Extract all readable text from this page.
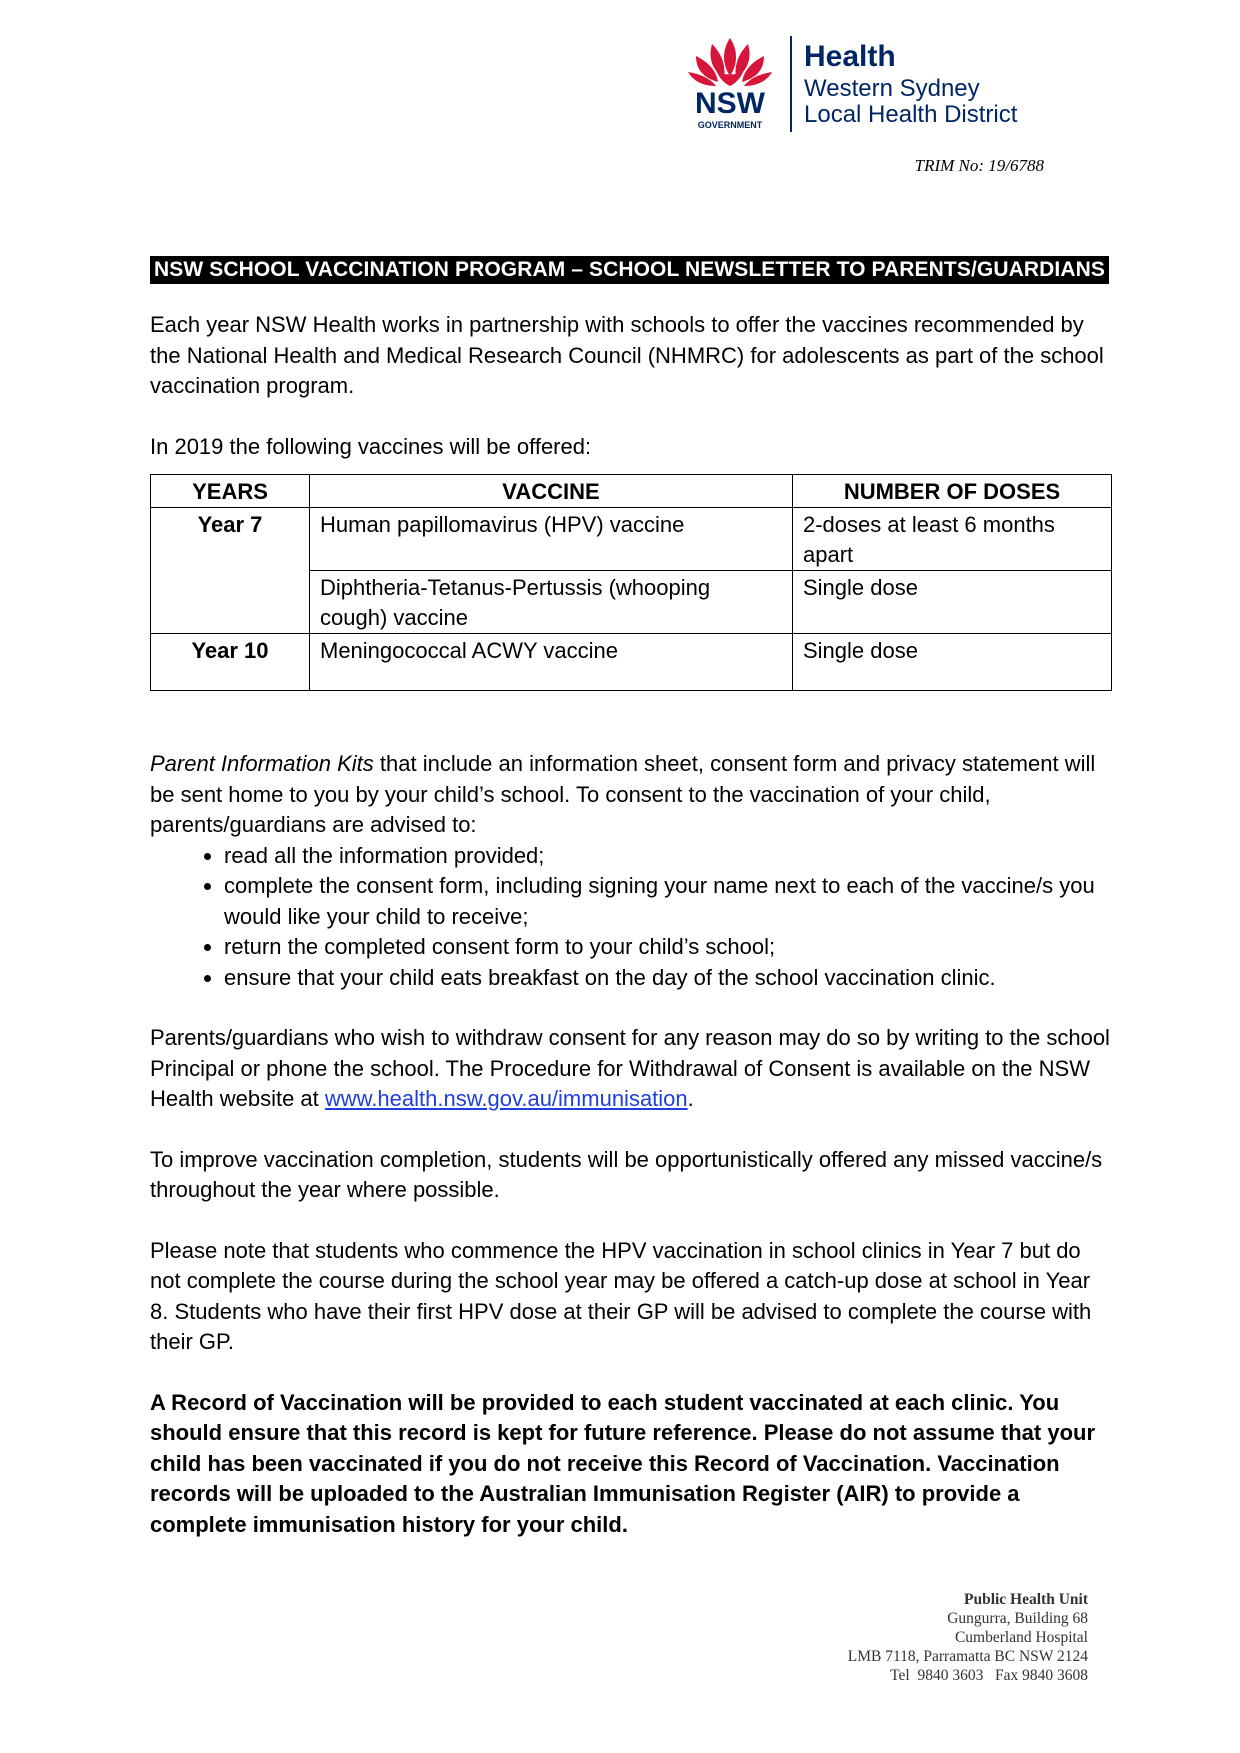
NSW
GOVERNMENT
Health
Western Sydney
Local Health District
TRIM No: 19/6788
NSW SCHOOL VACCINATION PROGRAM – SCHOOL NEWSLETTER TO PARENTS/GUARDIANS

Each year NSW Health works in partnership with schools to offer the vaccines recommended by the National Health and Medical Research Council (NHMRC) for adolescents as part of the school vaccination program.

In 2019 the following vaccines will be offered:

YEARS	VACCINE	NUMBER OF DOSES
Year 7	Human papillomavirus (HPV) vaccine	2-doses at least 6 months apart
	Diphtheria-Tetanus-Pertussis (whooping cough) vaccine	Single dose
Year 10	Meningococcal ACWY vaccine	Single dose

Parent Information Kits that include an information sheet, consent form and privacy statement will be sent home to you by your child’s school. To consent to the vaccination of your child, parents/guardians are advised to:

• read all the information provided;
• complete the consent form, including signing your name next to each of the vaccine/s you would like your child to receive;
• return the completed consent form to your child’s school;
• ensure that your child eats breakfast on the day of the school vaccination clinic.

Parents/guardians who wish to withdraw consent for any reason may do so by writing to the school Principal or phone the school. The Procedure for Withdrawal of Consent is available on the NSW Health website at www.health.nsw.gov.au/immunisation.

To improve vaccination completion, students will be opportunistically offered any missed vaccine/s throughout the year where possible.

Please note that students who commence the HPV vaccination in school clinics in Year 7 but do not complete the course during the school year may be offered a catch-up dose at school in Year 8. Students who have their first HPV dose at their GP will be advised to complete the course with their GP.

A Record of Vaccination will be provided to each student vaccinated at each clinic. You should ensure that this record is kept for future reference. Please do not assume that your child has been vaccinated if you do not receive this Record of Vaccination. Vaccination records will be uploaded to the Australian Immunisation Register (AIR) to provide a complete immunisation history for your child.

Public Health Unit
Gungurra, Building 68
Cumberland Hospital
LMB 7118, Parramatta BC NSW 2124
Tel  9840 3603   Fax 9840 3608
